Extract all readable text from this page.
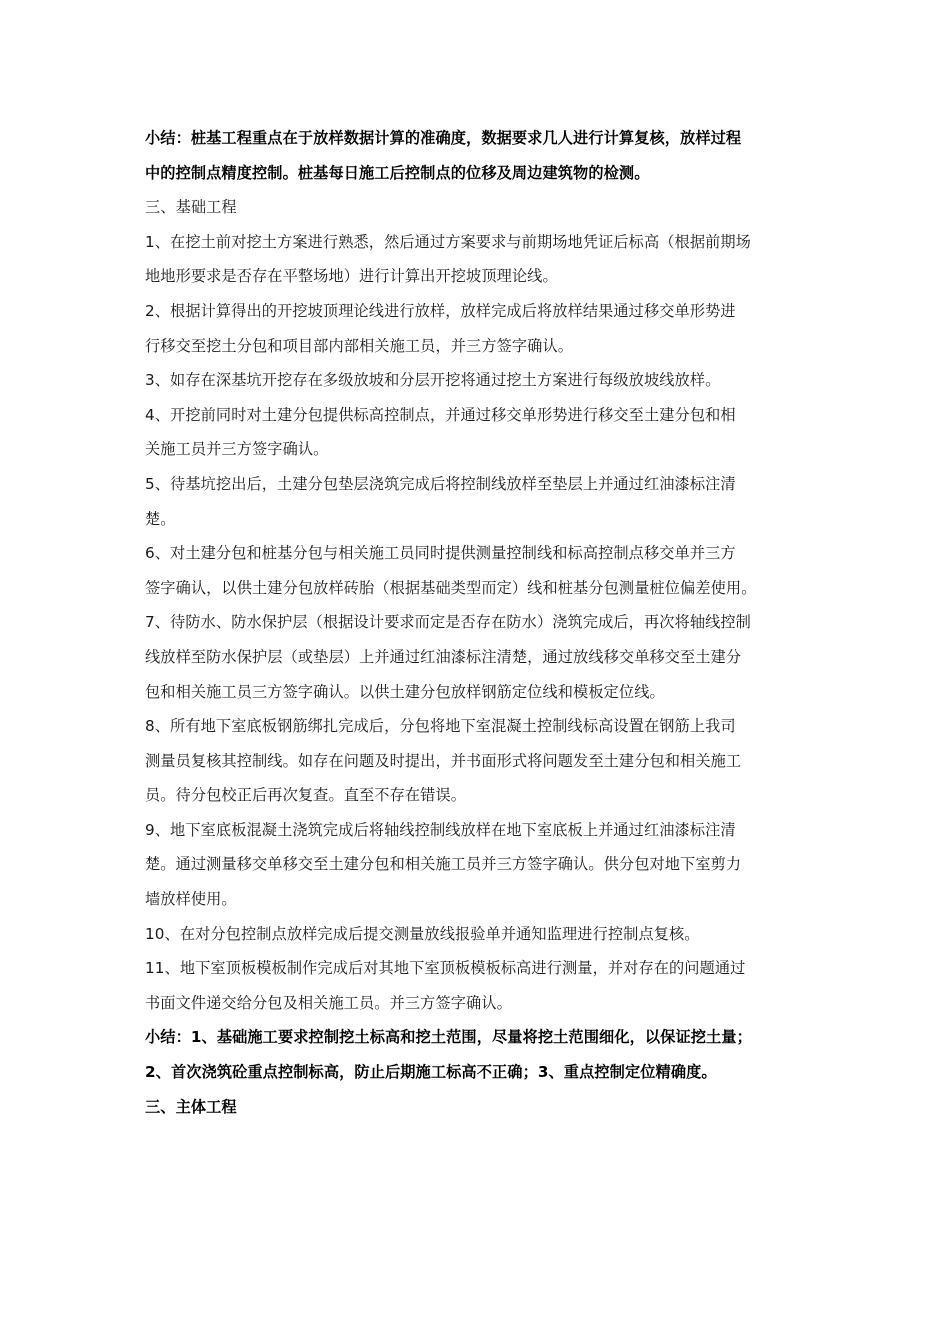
小结：桩基工程重点在于放样数据计算的准确度，数据要求几人进行计算复核，放样过程
中的控制点精度控制。桩基每日施工后控制点的位移及周边建筑物的检测。
三、基础工程
1、在挖土前对挖土方案进行熟悉，然后通过方案要求与前期场地凭证后标高（根据前期场
地地形要求是否存在平整场地）进行计算出开挖坡顶理论线。
2、根据计算得出的开挖坡顶理论线进行放样，放样完成后将放样结果通过移交单形势进
行移交至挖土分包和项目部内部相关施工员，并三方签字确认。
3、如存在深基坑开挖存在多级放坡和分层开挖将通过挖土方案进行每级放坡线放样。
4、开挖前同时对土建分包提供标高控制点，并通过移交单形势进行移交至土建分包和相
关施工员并三方签字确认。
5、待基坑挖出后，土建分包垫层浇筑完成后将控制线放样至垫层上并通过红油漆标注清
楚。
6、对土建分包和桩基分包与相关施工员同时提供测量控制线和标高控制点移交单并三方
签字确认，以供土建分包放样砖胎（根据基础类型而定）线和桩基分包测量桩位偏差使用。
7、待防水、防水保护层（根据设计要求而定是否存在防水）浇筑完成后，再次将轴线控制
线放样至防水保护层（或垫层）上并通过红油漆标注清楚，通过放线移交单移交至土建分
包和相关施工员三方签字确认。以供土建分包放样钢筋定位线和模板定位线。
8、所有地下室底板钢筋绑扎完成后，分包将地下室混凝土控制线标高设置在钢筋上我司
测量员复核其控制线。如存在问题及时提出，并书面形式将问题发至土建分包和相关施工
员。待分包校正后再次复查。直至不存在错误。
9、地下室底板混凝土浇筑完成后将轴线控制线放样在地下室底板上并通过红油漆标注清
楚。通过测量移交单移交至土建分包和相关施工员并三方签字确认。供分包对地下室剪力
墙放样使用。
10、在对分包控制点放样完成后提交测量放线报验单并通知监理进行控制点复核。
11、地下室顶板模板制作完成后对其地下室顶板模板标高进行测量，并对存在的问题通过
书面文件递交给分包及相关施工员。并三方签字确认。
小结：1、基础施工要求控制挖土标高和挖土范围，尽量将挖土范围细化，以保证挖土量；
2、首次浇筑砼重点控制标高，防止后期施工标高不正确；3、重点控制定位精确度。
三、主体工程
